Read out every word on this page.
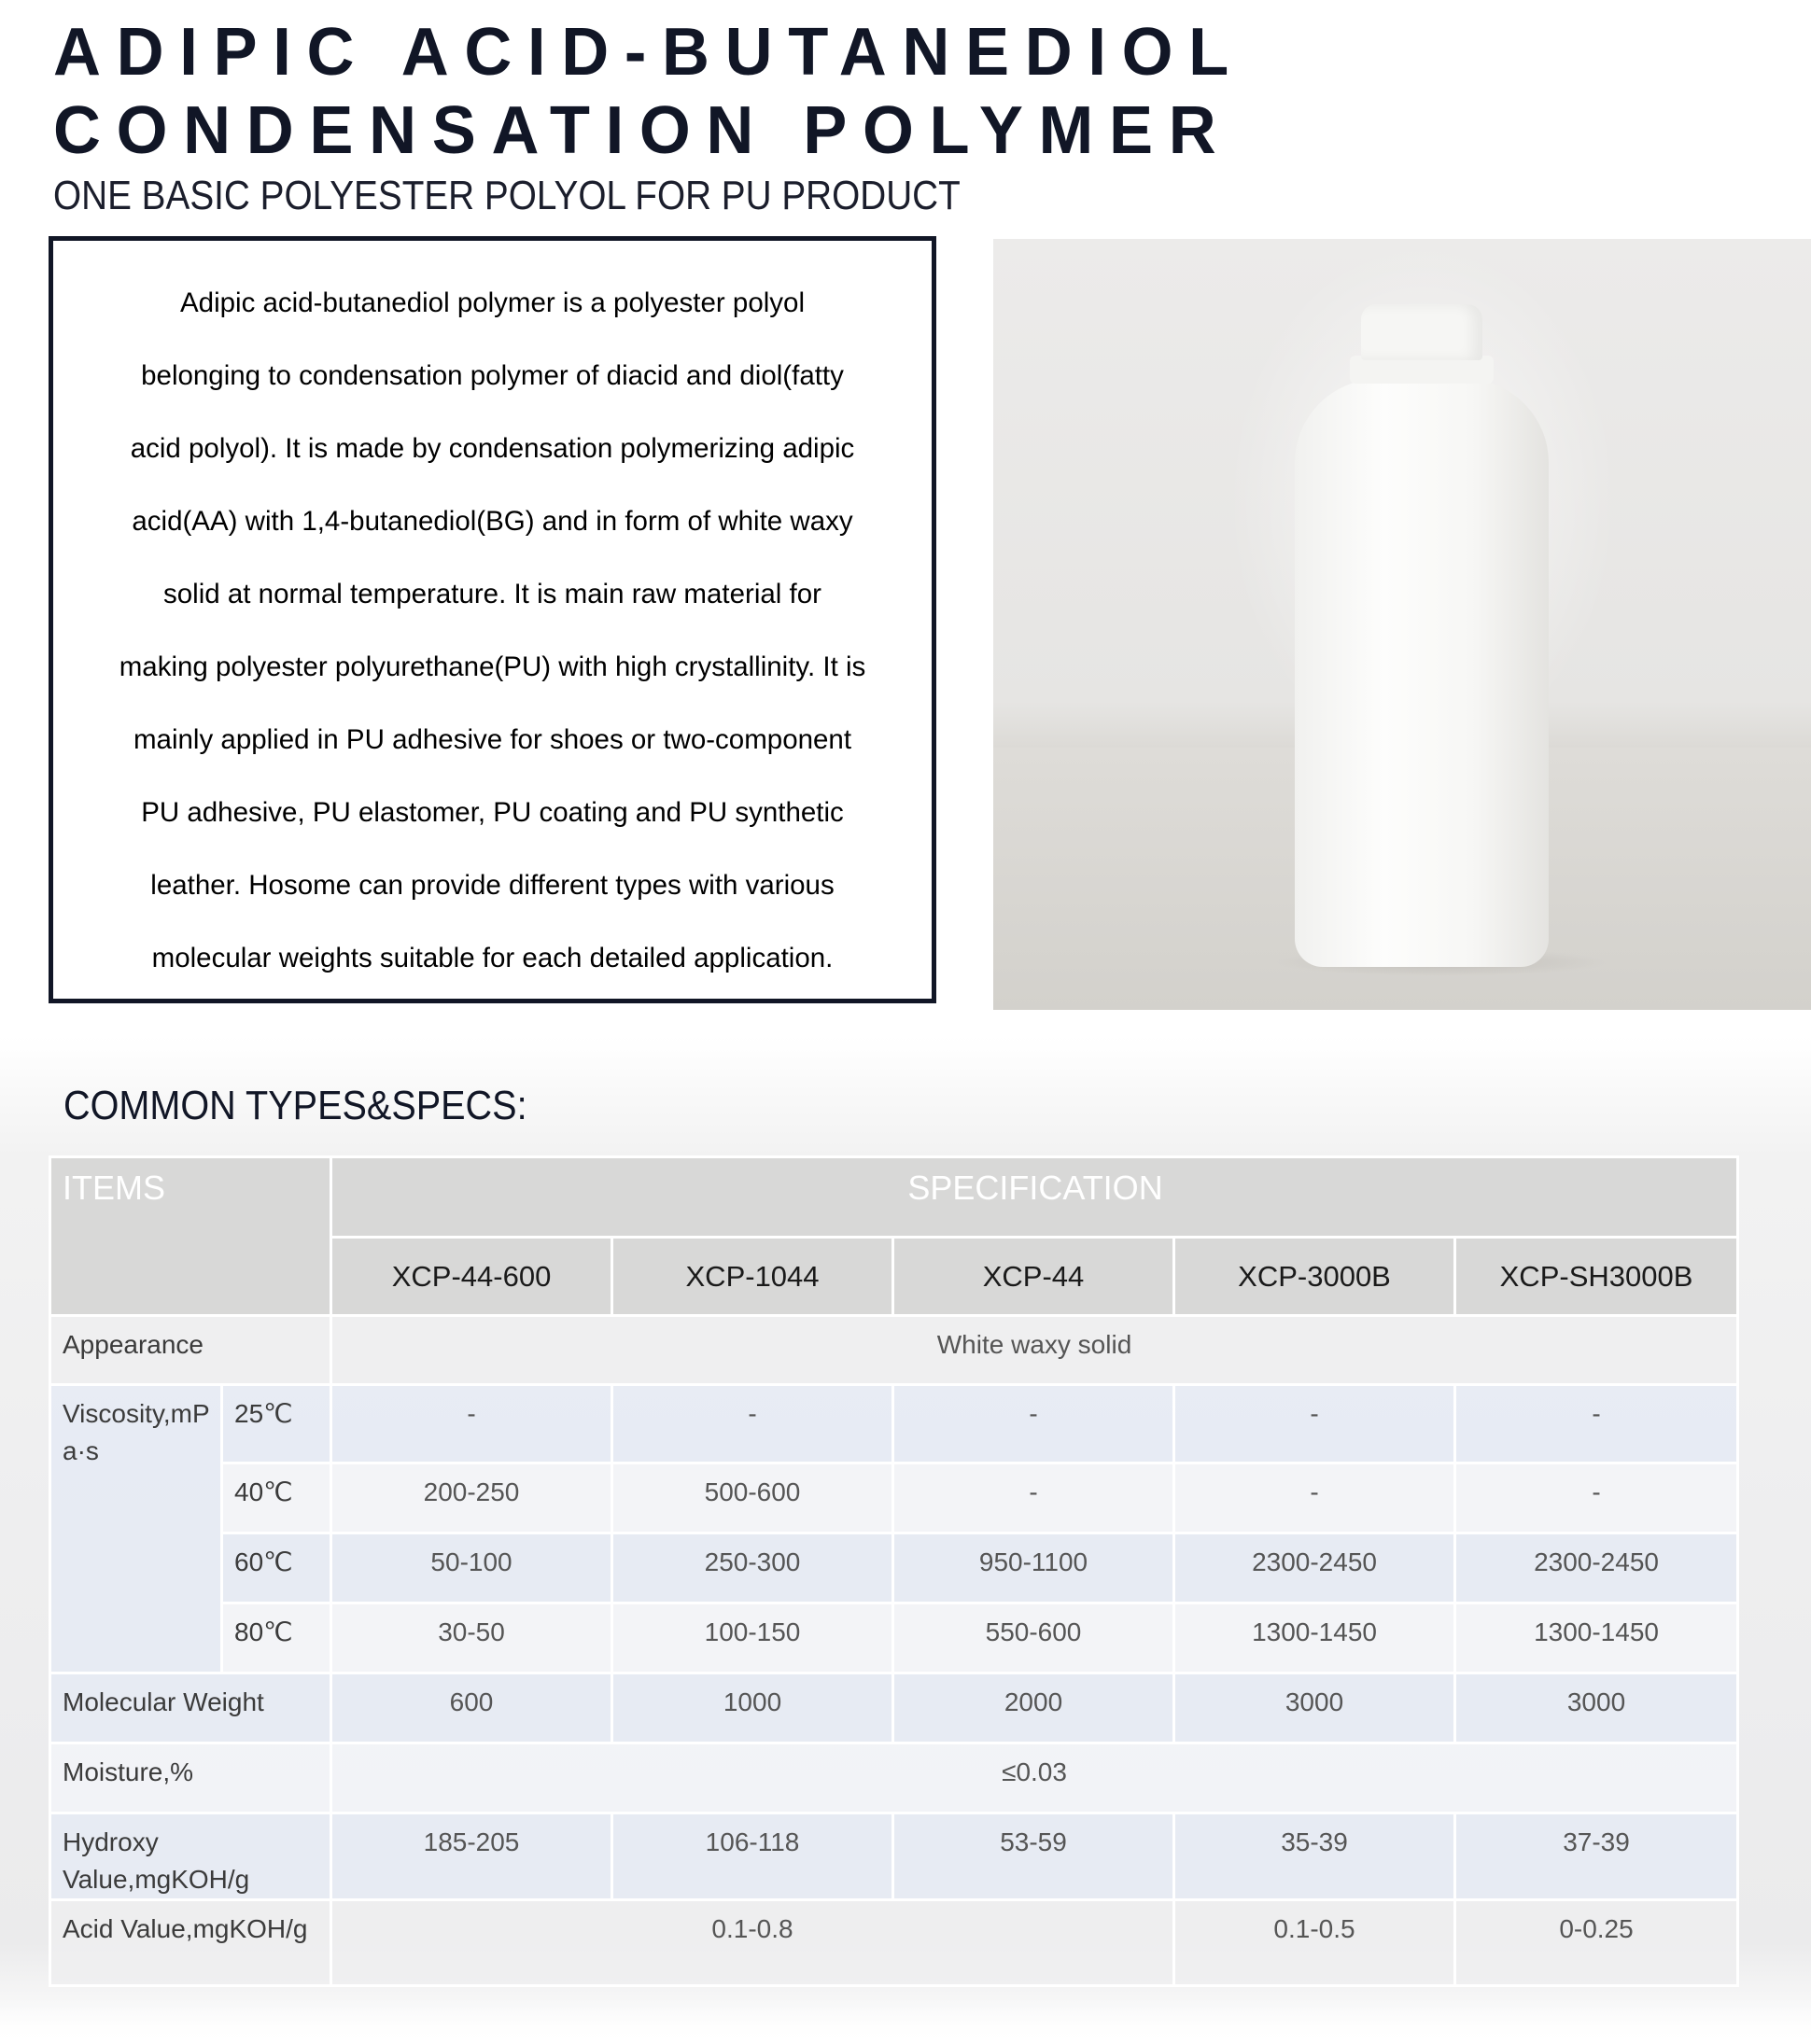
ADIPIC ACID-BUTANEDIOL
CONDENSATION POLYMER
ONE BASIC POLYESTER POLYOL FOR PU PRODUCT

Adipic acid-butanediol polymer is a polyester polyol

belonging to condensation polymer of diacid and diol(fatty

acid polyol). It is made by condensation polymerizing adipic

acid(AA) with 1,4-butanediol(BG) and in form of white waxy

solid at normal temperature. It is main raw material for

making polyester polyurethane(PU) with high crystallinity. It is

mainly applied in PU adhesive for shoes or two-component

PU adhesive, PU elastomer, PU coating and PU synthetic

leather. Hosome can provide different types with various

molecular weights suitable for each detailed application.

COMMON TYPES&SPECS:
ITEMS		SPECIFICATION				
		XCP-44-600	XCP-1044	XCP-44	XCP-3000B	XCP-SH3000B
Appearance		White waxy solid				
Viscosity,mPa·s	25℃	-	-	-	-	-
	40℃	200-250	500-600	-	-	-
	60℃	50-100	250-300	950-1100	2300-2450	2300-2450
	80℃	30-50	100-150	550-600	1300-1450	1300-1450
Molecular Weight		600	1000	2000	3000	3000
Moisture,%		≤0.03				
Hydroxy Value,mgKOH/g		185-205	106-118	53-59	35-39	37-39
Acid Value,mgKOH/g		0.1-0.8			0.1-0.5	0-0.25
